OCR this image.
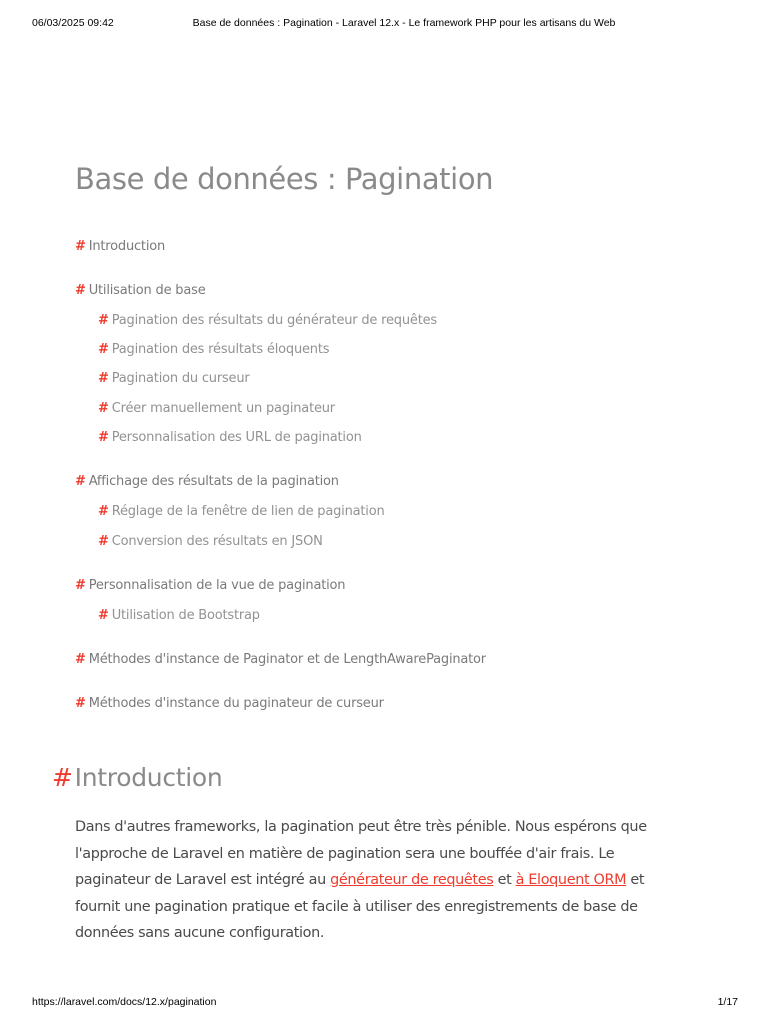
06/03/2025 09:42	Base de données : Pagination - Laravel 12.x - Le framework PHP pour les artisans du Web
Base de données : Pagination
# Introduction
# Utilisation de base
# Pagination des résultats du générateur de requêtes
# Pagination des résultats éloquents
# Pagination du curseur
# Créer manuellement un paginateur
# Personnalisation des URL de pagination
# Affichage des résultats de la pagination
# Réglage de la fenêtre de lien de pagination
# Conversion des résultats en JSON
# Personnalisation de la vue de pagination
# Utilisation de Bootstrap
# Méthodes d'instance de Paginator et de LengthAwarePaginator
# Méthodes d'instance du paginateur de curseur
#Introduction

Dans d'autres frameworks, la pagination peut être très pénible. Nous espérons que l'approche de Laravel en matière de pagination sera une bouffée d'air frais. Le paginateur de Laravel est intégré au générateur de requêtes et à Eloquent ORM et fournit une pagination pratique et facile à utiliser des enregistrements de base de données sans aucune configuration.

https://laravel.com/docs/12.x/pagination	1/17
